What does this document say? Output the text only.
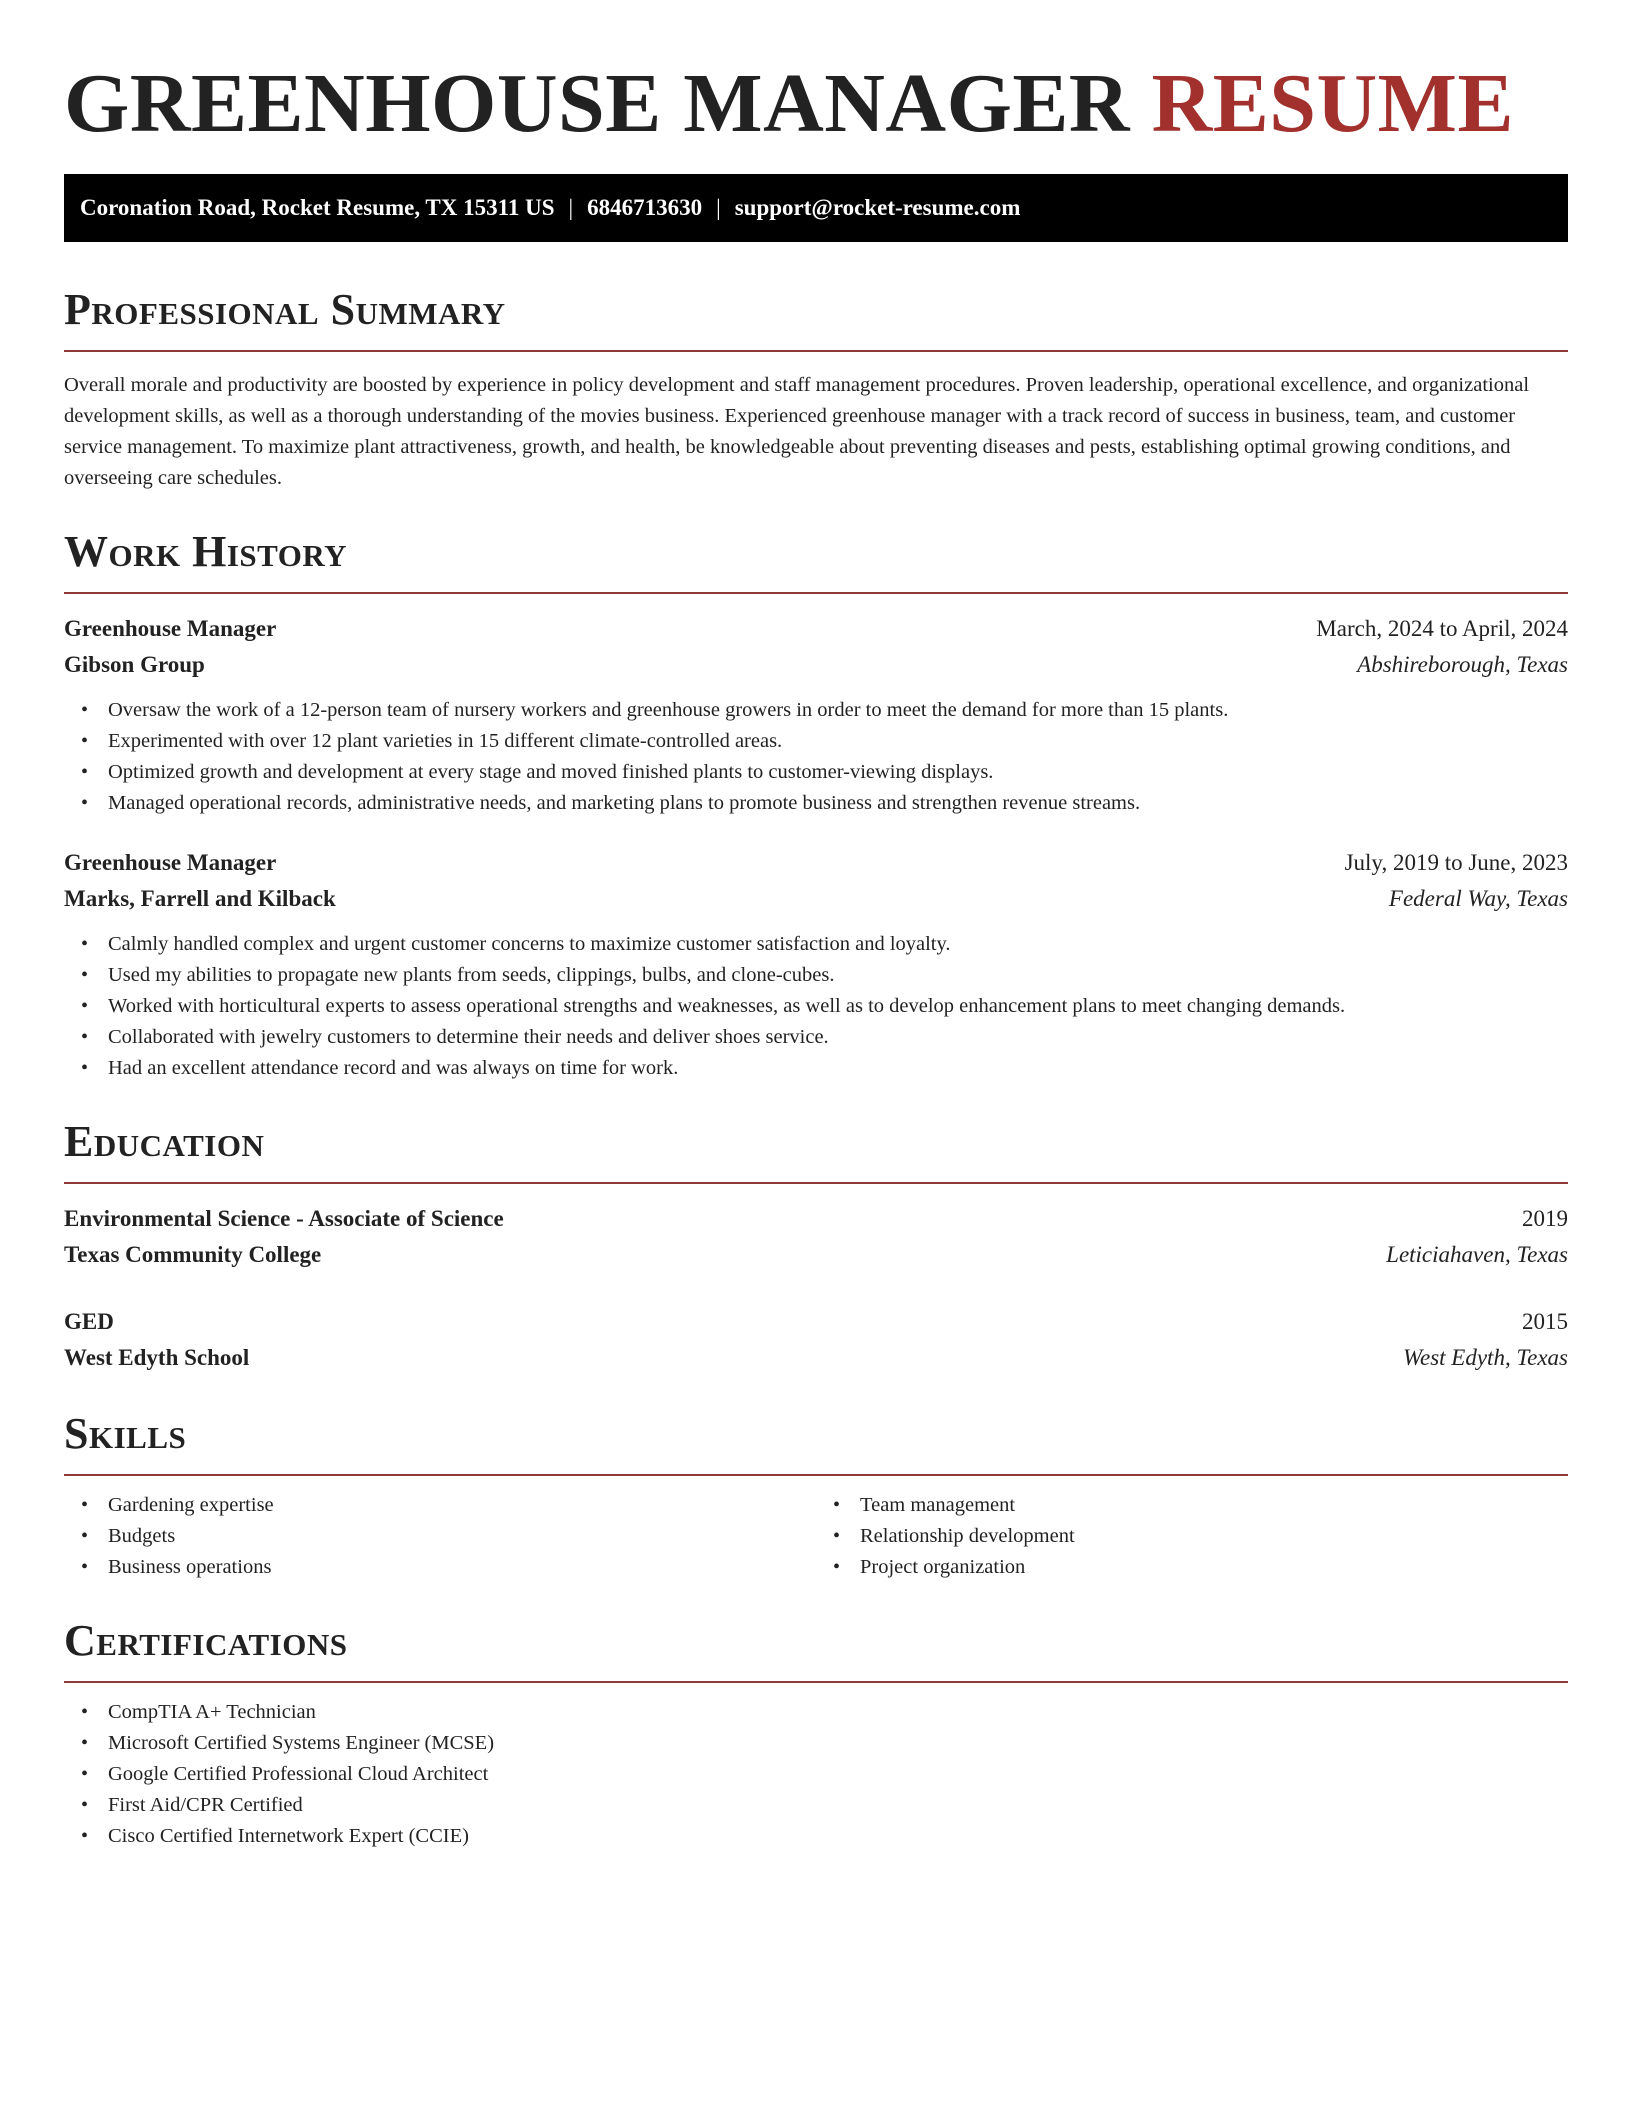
GREENHOUSE MANAGER RESUME
Coronation Road, Rocket Resume, TX 15311 US | 6846713630 | support@rocket-resume.com
Professional Summary

Overall morale and productivity are boosted by experience in policy development and staff management procedures. Proven leadership, operational excellence, and organizational development skills, as well as a thorough understanding of the movies business. Experienced greenhouse manager with a track record of success in business, team, and customer service management. To maximize plant attractiveness, growth, and health, be knowledgeable about preventing diseases and pests, establishing optimal growing conditions, and overseeing care schedules.

Work History
Greenhouse Manager	March, 2024 to April, 2024
Gibson Group	Abshireborough, Texas
• Oversaw the work of a 12-person team of nursery workers and greenhouse growers in order to meet the demand for more than 15 plants.
• Experimented with over 12 plant varieties in 15 different climate-controlled areas.
• Optimized growth and development at every stage and moved finished plants to customer-viewing displays.
• Managed operational records, administrative needs, and marketing plans to promote business and strengthen revenue streams.
Greenhouse Manager	July, 2019 to June, 2023
Marks, Farrell and Kilback	Federal Way, Texas
• Calmly handled complex and urgent customer concerns to maximize customer satisfaction and loyalty.
• Used my abilities to propagate new plants from seeds, clippings, bulbs, and clone-cubes.
• Worked with horticultural experts to assess operational strengths and weaknesses, as well as to develop enhancement plans to meet changing demands.
• Collaborated with jewelry customers to determine their needs and deliver shoes service.
• Had an excellent attendance record and was always on time for work.
Education
Environmental Science - Associate of Science	2019
Texas Community College	Leticiahaven, Texas
GED	2015
West Edyth School	West Edyth, Texas
Skills
• Gardening expertise
• Budgets
• Business operations
• Team management
• Relationship development
• Project organization
Certifications
• CompTIA A+ Technician
• Microsoft Certified Systems Engineer (MCSE)
• Google Certified Professional Cloud Architect
• First Aid/CPR Certified
• Cisco Certified Internetwork Expert (CCIE)
